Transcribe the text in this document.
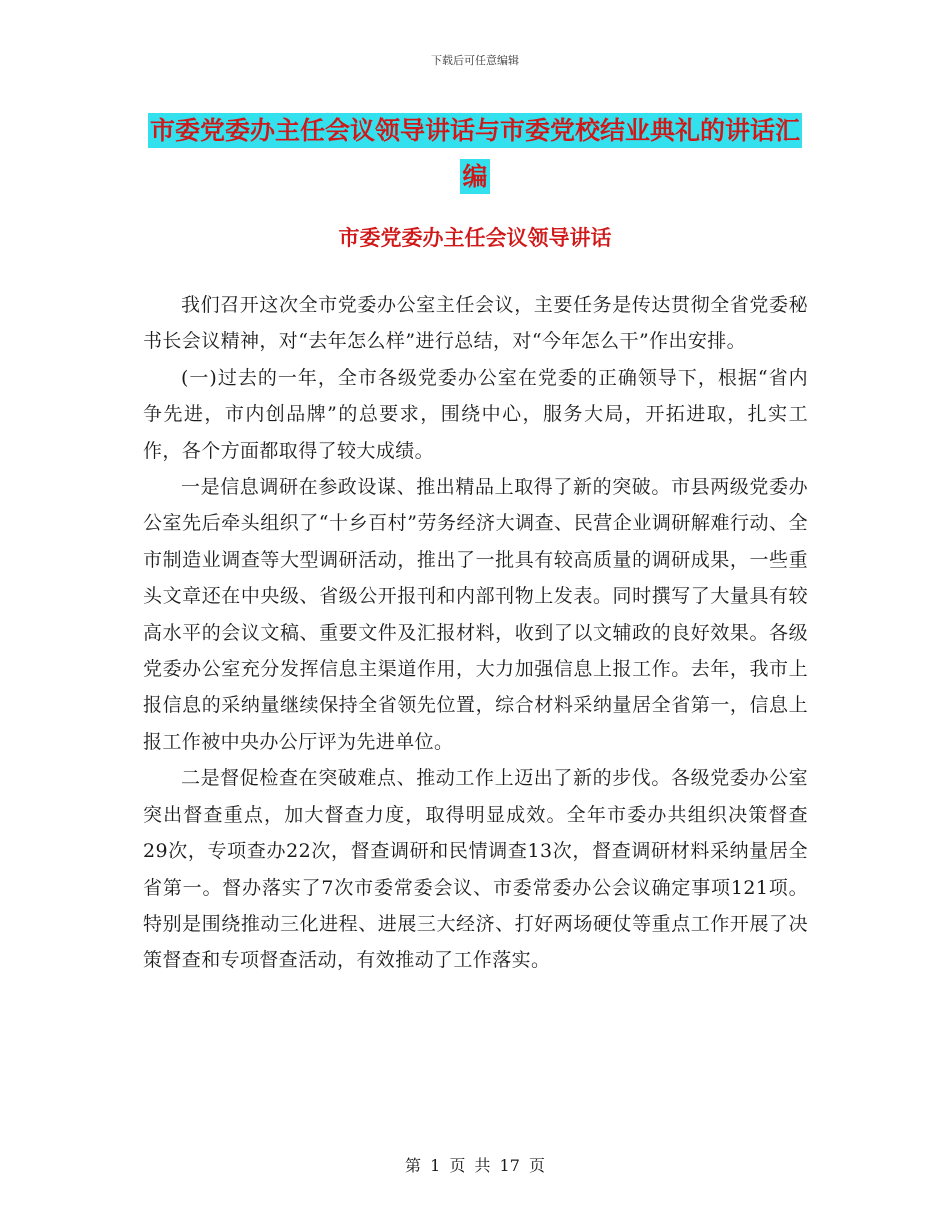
下载后可任意编辑
市委党委办主任会议领导讲话与市委党校结业典礼的讲话汇编
市委党委办主任会议领导讲话

我们召开这次全市党委办公室主任会议，主要任务是传达贯彻全省党委秘书长会议精神，对“去年怎么样”进行总结，对“今年怎么干”作出安排。

(一)过去的一年，全市各级党委办公室在党委的正确领导下，根据“省内争先进，市内创品牌”的总要求，围绕中心，服务大局，开拓进取，扎实工作，各个方面都取得了较大成绩。

一是信息调研在参政设谋、推出精品上取得了新的突破。市县两级党委办公室先后牵头组织了“十乡百村”劳务经济大调查、民营企业调研解难行动、全市制造业调查等大型调研活动，推出了一批具有较高质量的调研成果，一些重头文章还在中央级、省级公开报刊和内部刊物上发表。同时撰写了大量具有较高水平的会议文稿、重要文件及汇报材料，收到了以文辅政的良好效果。各级党委办公室充分发挥信息主渠道作用，大力加强信息上报工作。去年，我市上报信息的采纳量继续保持全省领先位置，综合材料采纳量居全省第一，信息上报工作被中央办公厅评为先进单位。

二是督促检查在突破难点、推动工作上迈出了新的步伐。各级党委办公室突出督查重点，加大督查力度，取得明显成效。全年市委办共组织决策督查29次，专项查办22次，督查调研和民情调查13次，督查调研材料采纳量居全省第一。督办落实了7次市委常委会议、市委常委办公会议确定事项121项。特别是围绕推动三化进程、进展三大经济、打好两场硬仗等重点工作开展了决策督查和专项督查活动，有效推动了工作落实。

第 1 页 共 17 页
